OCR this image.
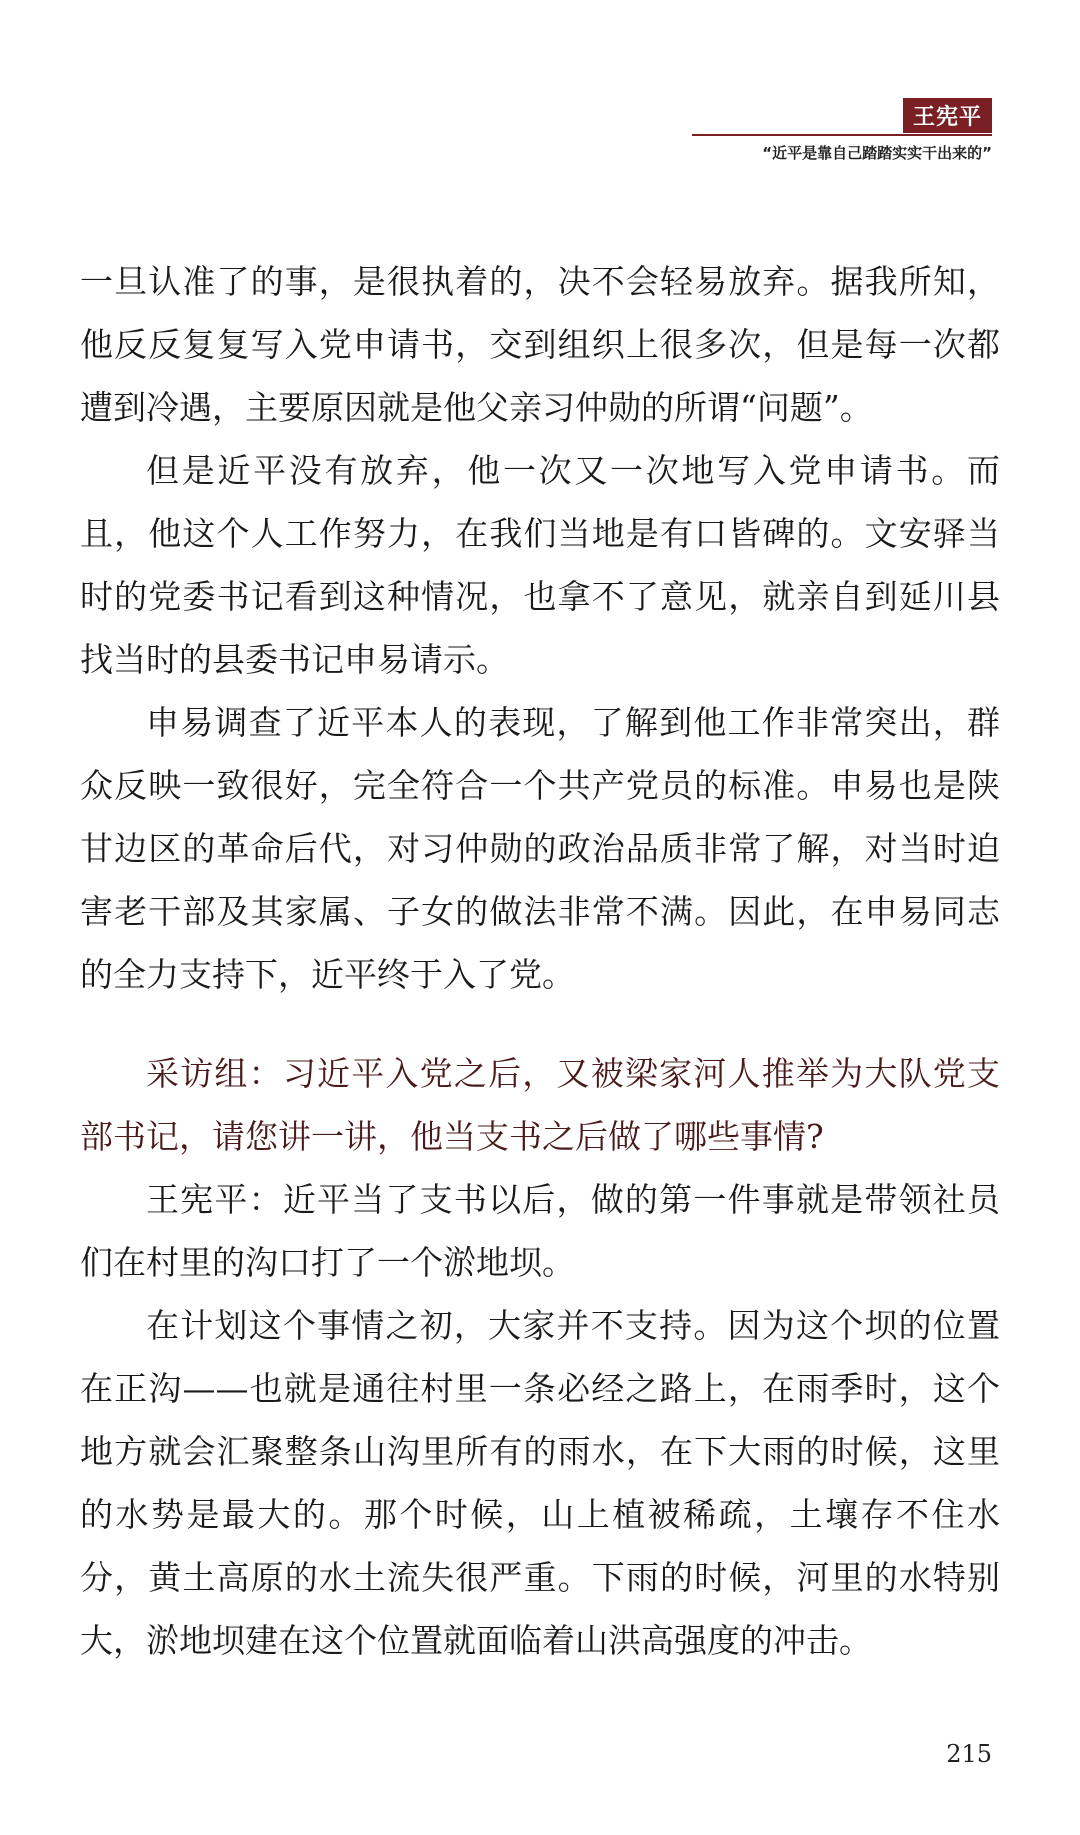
王宪平
“近平是靠自己踏踏实实干出来的”

一旦认准了的事，是很执着的，决不会轻易放弃。据我所知，他反反复复写入党申请书，交到组织上很多次，但是每一次都遭到冷遇，主要原因就是他父亲习仲勋的所谓“问题”。

但是近平没有放弃，他一次又一次地写入党申请书。而且，他这个人工作努力，在我们当地是有口皆碑的。文安驿当时的党委书记看到这种情况，也拿不了意见，就亲自到延川县找当时的县委书记申易请示。

申易调查了近平本人的表现，了解到他工作非常突出，群众反映一致很好，完全符合一个共产党员的标准。申易也是陕甘边区的革命后代，对习仲勋的政治品质非常了解，对当时迫害老干部及其家属、子女的做法非常不满。因此，在申易同志的全力支持下，近平终于入了党。

采访组：习近平入党之后，又被梁家河人推举为大队党支部书记，请您讲一讲，他当支书之后做了哪些事情?

王宪平：近平当了支书以后，做的第一件事就是带领社员们在村里的沟口打了一个淤地坝。

在计划这个事情之初，大家并不支持。因为这个坝的位置在正沟——也就是通往村里一条必经之路上，在雨季时，这个地方就会汇聚整条山沟里所有的雨水，在下大雨的时候，这里的水势是最大的。那个时候，山上植被稀疏，土壤存不住水分，黄土高原的水土流失很严重。下雨的时候，河里的水特别大，淤地坝建在这个位置就面临着山洪高强度的冲击。

215
